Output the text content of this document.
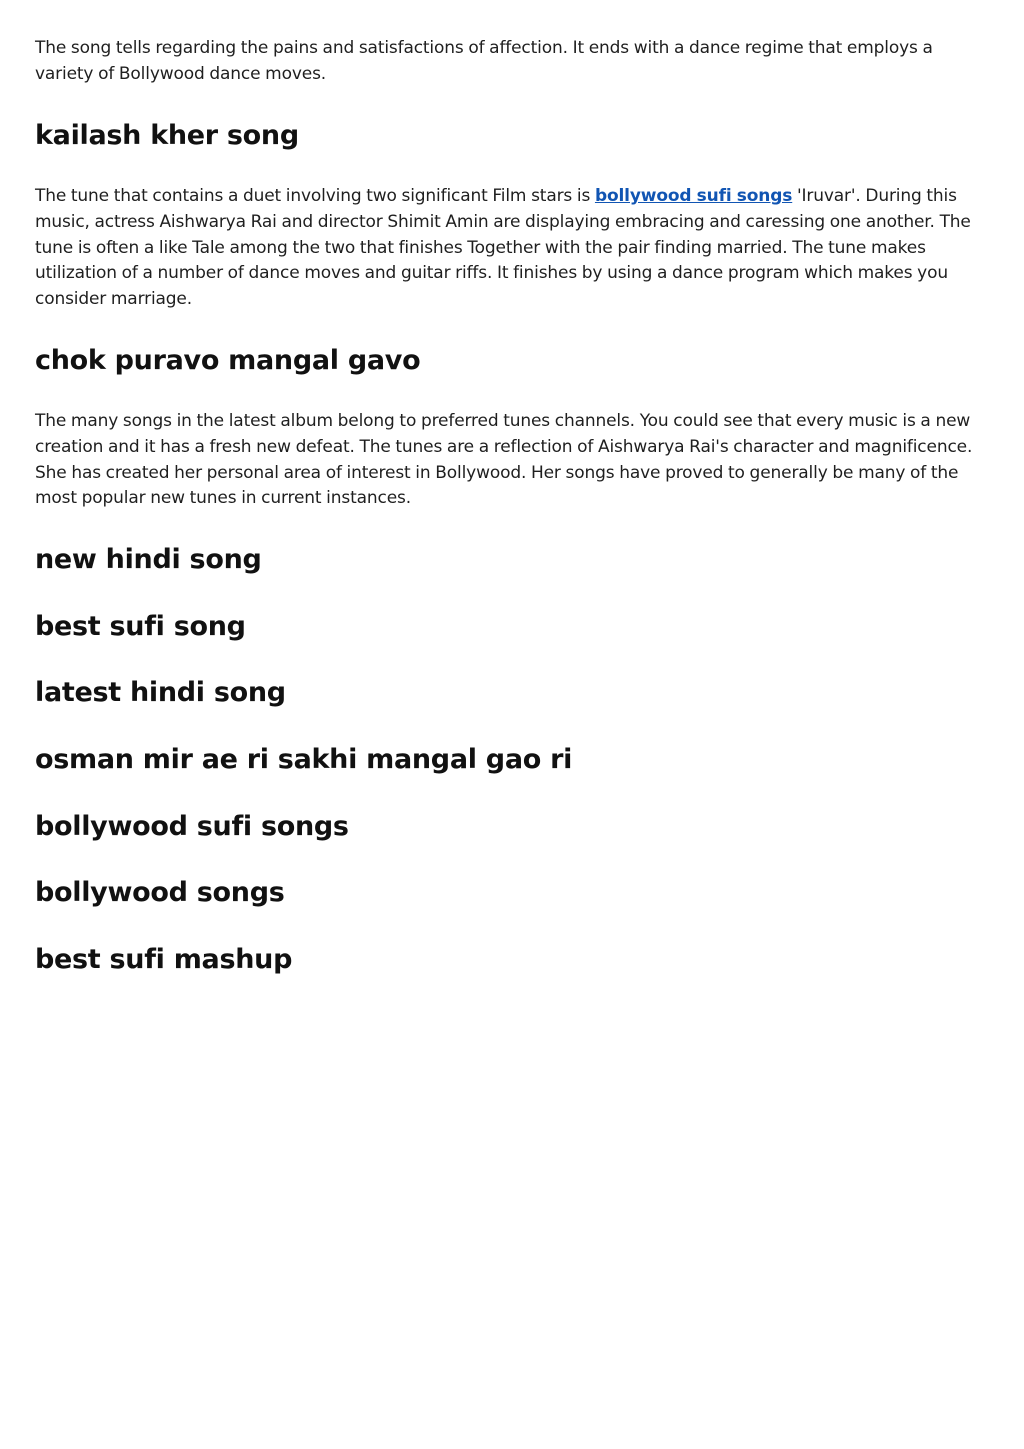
The song tells regarding the pains and satisfactions of affection. It ends with a dance regime that employs a variety of Bollywood dance moves.

kailash kher song

The tune that contains a duet involving two significant Film stars is bollywood sufi songs 'Iruvar'. During this music, actress Aishwarya Rai and director Shimit Amin are displaying embracing and caressing one another. The tune is often a like Tale among the two that finishes Together with the pair finding married. The tune makes utilization of a number of dance moves and guitar riffs. It finishes by using a dance program which makes you consider marriage.

chok puravo mangal gavo

The many songs in the latest album belong to preferred tunes channels. You could see that every music is a new creation and it has a fresh new defeat. The tunes are a reflection of Aishwarya Rai's character and magnificence. She has created her personal area of interest in Bollywood. Her songs have proved to generally be many of the most popular new tunes in current instances.

new hindi song
best sufi song
latest hindi song
osman mir ae ri sakhi mangal gao ri
bollywood sufi songs
bollywood songs
best sufi mashup
